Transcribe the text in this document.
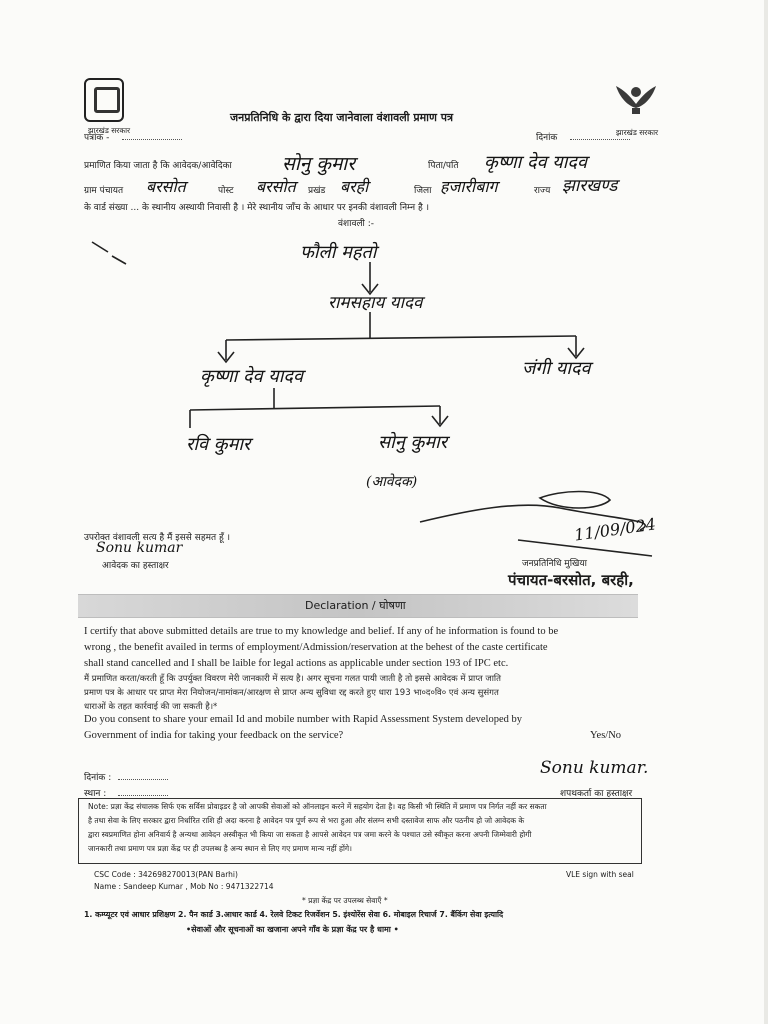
झारखंड सरकार	झारखंड सरकार
जनप्रतिनिधि के द्वारा दिया जानेवाला वंशावली प्रमाण पत्र
पत्रांक -	दिनांक
प्रमाणित किया जाता है कि आवेदक/आवेदिका	सोनु कुमार	पिता/पति कृष्णा देव यादव
ग्राम पंचायत बरसोत	पोस्ट बरसोत प्रखंड बरही	जिला हजारीबाग	राज्य झारखण्ड
के वार्ड संख्या ... के स्थानीय अस्थायी निवासी है । मेरे स्थानीय जाँच के आधार पर इनकी वंशावली निम्न है ।
वंशावली :-
फौली महतो
रामसहाय यादव
कृष्णा देव यादव	जंगी यादव
रवि कुमार	सोनु कुमार
(आवेदक)
उपरोक्त वंशावली सत्य है मैं इससे सहमत हूँ ।
Sonu kumar
आवेदक का हस्ताक्षर
11/09/024
जनप्रतिनिधि मुखिया
पंचायत-बरसोत, बरही,
Declaration / घोषणा
I certify that above submitted details are true to my knowledge and belief. If any of he information is found to be
wrong , the benefit availed in terms of employment/Admission/reservation at the behest of the caste certificate
shall stand cancelled and I shall be laible for legal actions as applicable under section 193 of IPC etc.
मैं प्रमाणित करता/करती हूँ कि उपर्युक्त विवरण मेरी जानकारी में सत्य है। अगर सूचना गलत पायी जाती है तो इससे आवेदक में प्राप्त जाति
प्रमाण पत्र के आधार पर प्राप्त मेरा नियोजन/नामांकन/आरक्षण से प्राप्त अन्य सुविधा रद्द करते हुए धारा 193 भा०द०वि० एवं अन्य सुसंगत
धाराओं के तहत कार्रवाई की जा सकती है।*
Do you consent to share your email Id and mobile number with Rapid Assessment System developed by
Government of india for taking your feedback on the service?	Yes/No
दिनांक :
स्थान :
Sonu kumar.
शपथकर्ता का हस्ताक्षर
Note: प्रज्ञा केंद्र संचालक सिर्फ एक सर्विस प्रोवाइडर है जो आपकी सेवाओं को ऑनलाइन करने में सहयोग देता है। वह किसी भी स्थिति में प्रमाण पत्र निर्गत नहीं कर सकता
है तथा सेवा के लिए सरकार द्वारा निर्धारित राशि ही अदा करना है आवेदन पत्र पूर्ण रूप से भरा हुआ और संलग्न सभी दस्तावेज साफ और पठनीय हो जो आवेदक के
द्वारा स्वप्रमाणित होना अनिवार्य है अन्यथा आवेदन अस्वीकृत भी किया जा सकता है आपसे आवेदन पत्र जमा करने के पश्चात उसे स्वीकृत करना अपनी जिम्मेवारी होगी
जानकारी तथा प्रमाण पत्र प्रज्ञा केंद्र पर ही उपलब्ध है अन्य स्थान से लिए गए प्रमाण मान्य नहीं होंगे।
CSC Code : 342698270013(PAN Barhi)
Name : Sandeep Kumar , Mob No : 9471322714
VLE sign with seal
* प्रज्ञा केंद्र पर उपलब्ध सेवाएँ *
1. कम्प्यूटर एवं आधार प्रशिक्षण 2. पैन कार्ड 3.आधार कार्ड 4. रेलवे टिकट रिजर्वेशन 5. इंश्योरेंस सेवा 6. मोबाइल रिचार्ज 7. बैंकिंग सेवा इत्यादि
•सेवाओं और सूचनाओं का खजाना अपने गाँव के प्रज्ञा केंद्र पर है धामा •
